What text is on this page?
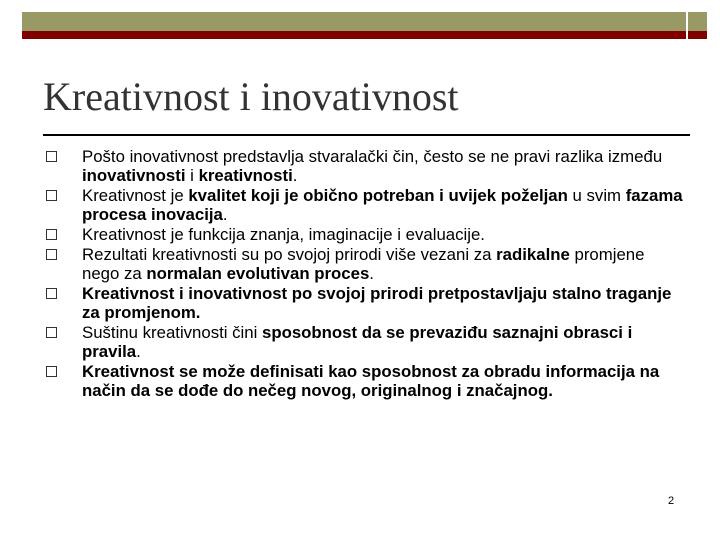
Kreativnost i inovativnost
Pošto inovativnost predstavlja stvaralački čin, često se ne pravi razlika između inovativnosti i kreativnosti.
Kreativnost je kvalitet koji je obično potreban i uvijek poželjan u svim fazama procesa inovacija.
Kreativnost je funkcija znanja, imaginacije i evaluacije.
Rezultati kreativnosti su po svojoj prirodi više vezani za radikalne promjene nego za normalan evolutivan proces.
Kreativnost i inovativnost po svojoj prirodi pretpostavljaju stalno traganje za promjenom.
Suštinu kreativnosti čini sposobnost da se prevaziđu saznajni obrasci i pravila.
Kreativnost se može definisati kao sposobnost za obradu informacija na način da se dođe do nečeg novog, originalnog i značajnog.
2
